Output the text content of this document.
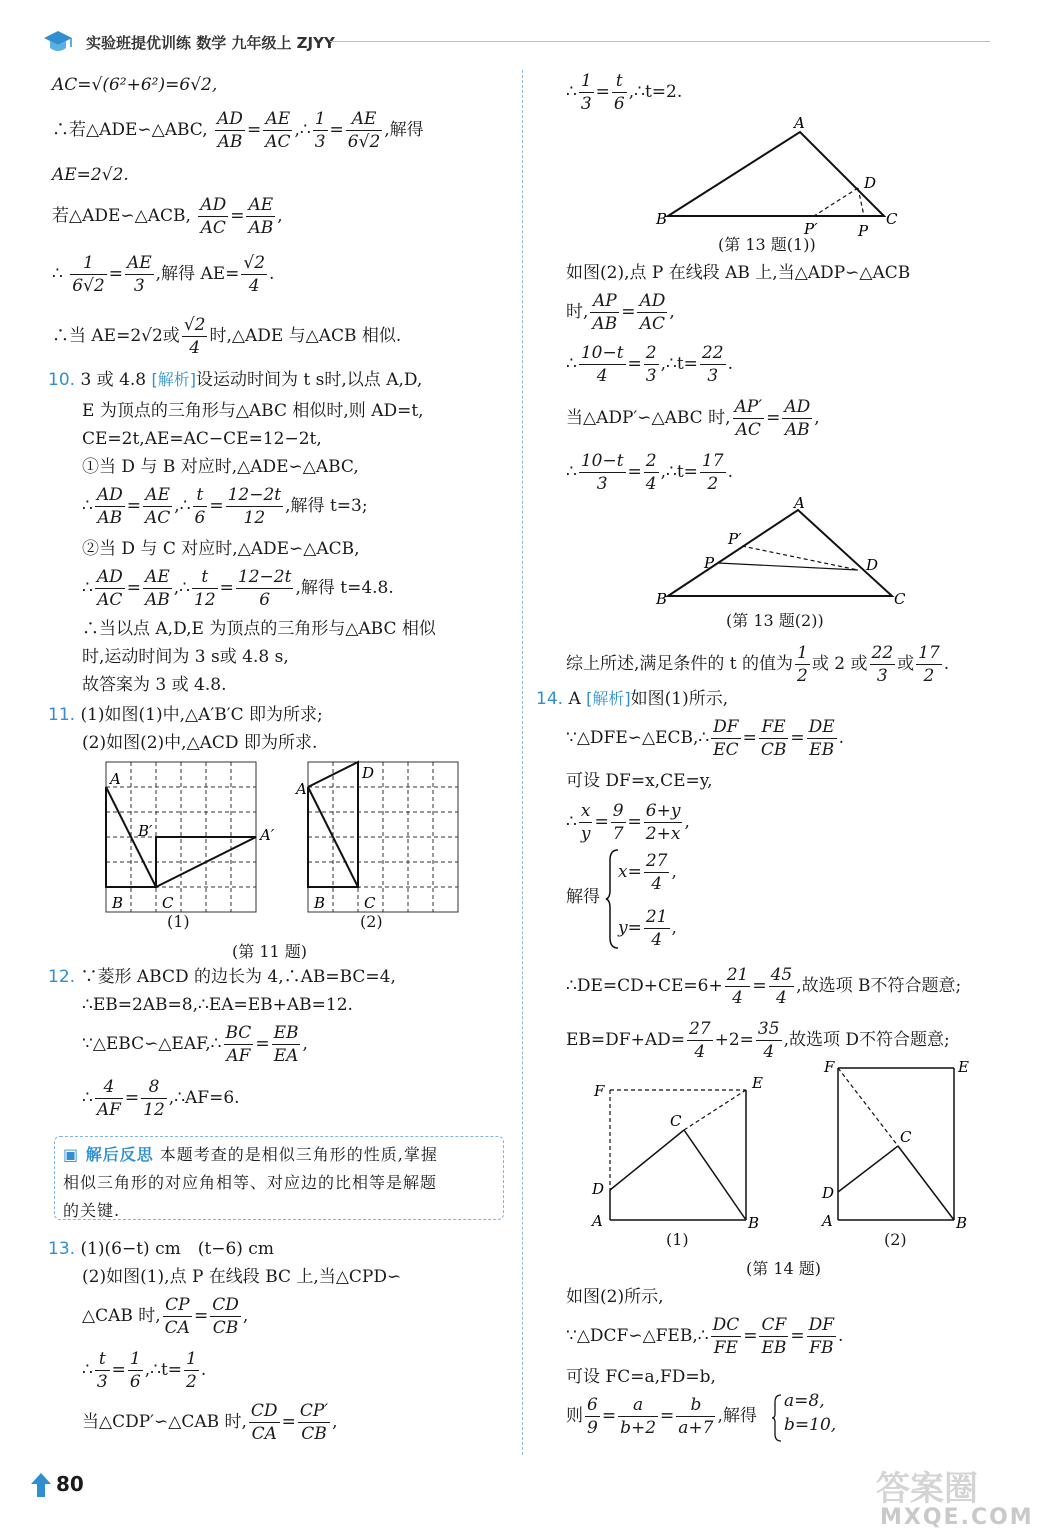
实验班提优训练 数学 九年级上 ZJYY
AC=√(6²+6²)=6√2,
∴若△ADE∽△ABC, $\frac{AD}{AB} = \frac{AE}{AC}$ ,∴ $\frac{1}{3} = \frac{AE}{6√2}$ ,解得
AE=2√2.
若△ADE∽△ACB, $\frac{AD}{AC} = \frac{AE}{AB}$ ,
∴ $\frac{1}{6√2} = \frac{AE}{3}$ ,解得 $AE= \frac{√2}{4}$ .
∴当 AE=2√2或 $\frac{√2}{4}$ 时,△ADE 与△ACB 相似.
10. 3 或 4.8 [解析]设运动时间为 t s时,以点 A,D,
E 为顶点的三角形与△ABC 相似时,则 AD=t,
CE=2t,AE=AC−CE=12−2t,
①当 D 与 B 对应时,△ADE∽△ABC,
∴ $\frac{AD}{AB} = \frac{AE}{AC}$ ,∴ $\frac{t}{6} = \frac{12-2t}{12}$ ,解得 t=3;
②当 D 与 C 对应时,△ADE∽△ACB,
∴ $\frac{AD}{AC} = \frac{AE}{AB}$ ,∴ $\frac{t}{12} = \frac{12-2t}{6}$ ,解得 t=4.8.
∴当以点 A,D,E 为顶点的三角形与△ABC 相似
时,运动时间为 3 s或 4.8 s,
故答案为 3 或 4.8.
11. (1)如图(1)中,△A′B′C 即为所求;
(2)如图(2)中,△ACD 即为所求.
A
B′	A′
B	C
A
D
B	C
(1)	(2)
(第 11 题)
12. ∵菱形 ABCD 的边长为 4,∴AB=BC=4,
∴EB=2AB=8,∴EA=EB+AB=12.
∵△EBC∽△EAF,∴ $\frac{BC}{AF} = \frac{EB}{EA}$ ,
∴ $\frac{4}{AF} = \frac{8}{12}$ ,∴AF=6.
13. (1)(6−t) cm　(t−6) cm
(2)如图(1),点 P 在线段 BC 上,当△CPD∽
△CAB 时, $\frac{CP}{CA} = \frac{CD}{CB}$ ,
∴ $\frac{t}{3} = \frac{1}{6}$ ,∴t= $\frac{1}{2}$ .
当△CDP′∽△CAB 时, $\frac{CD}{CA} = \frac{CP'}{CB}$ ,
▣ 解后反思 本题考查的是相似三角形的性质,掌握
相似三角形的对应角相等、对应边的比相等是解题
的关键.
∴ $\frac{1}{3} = \frac{t}{6}$ ,∴t=2.
A
B	C
D
P′	P
(第 13 题(1))
如图(2),点 P 在线段 AB 上,当△ADP∽△ACB
时, $\frac{AP}{AB} = \frac{AD}{AC}$ ,
∴ $\frac{10-t}{4} = \frac{2}{3}$ ,∴t= $\frac{22}{3}$ .
当△ADP′∽△ABC 时, $\frac{AP'}{AC} = \frac{AD}{AB}$ ,
∴ $\frac{10-t}{3} = \frac{2}{4}$ ,∴t= $\frac{17}{2}$ .
A
B	C
D
P
P′
(第 13 题(2))
综上所述,满足条件的 t 的值为 $\frac{1}{2}$ 或 2 或 $\frac{22}{3}$ 或 $\frac{17}{2}$ .
14. A [解析]如图(1)所示,
∵△DFE∽△ECB,∴ $\frac{DF}{EC} = \frac{FE}{CB} = \frac{DE}{EB}$ .
可设 DF=x,CE=y,
∴ $\frac{x}{y} = \frac{9}{7} = \frac{6+y}{2+x}$ ,
解得
$x= \frac{27}{4}$ ,
$y= \frac{21}{4}$ ,
∴DE=CD+CE=6+ $\frac{21}{4} = \frac{45}{4}$ ,故选项 B不符合题意;
$EB=DF+AD= \frac{27}{4} +2= \frac{35}{4}$ ,故选项 D不符合题意;
F	E
C
D
A	B
F	E
C
D
A	B
(1)	(2)
(第 14 题)
如图(2)所示,
∵△DCF∽△FEB,∴ $\frac{DC}{FE} = \frac{CF}{EB} = \frac{DF}{FB}$ .
可设 FC=a,FD=b,
则 $\frac{6}{9} = \frac{a}{b+2} = \frac{b}{a+7}$ ,解得
a=8,
b=10,
80	答案圈
MXQE.COM
